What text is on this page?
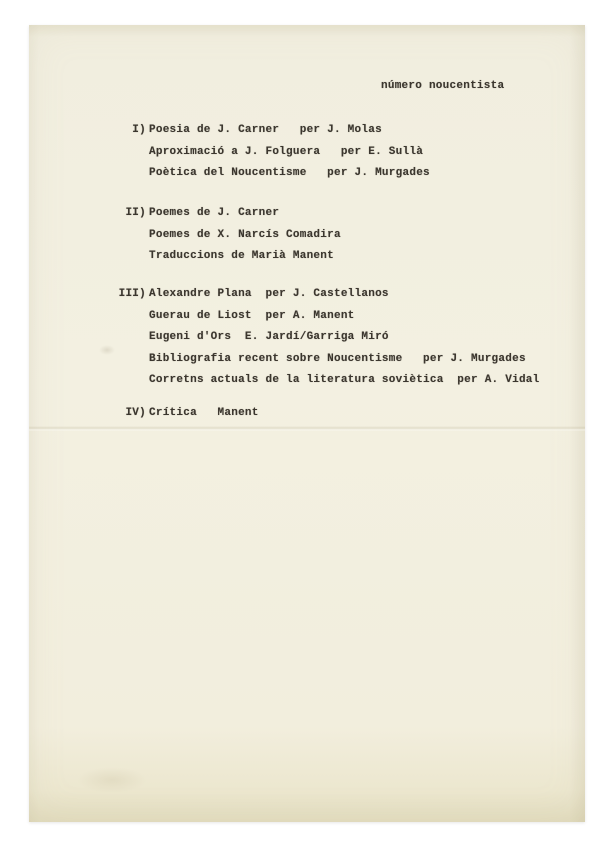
número noucentista
I) Poesia de J. Carner   per J. Molas
Aproximació a J. Folguera   per E. Sullà
Poètica del Noucentisme   per J. Murgades
II) Poemes de J. Carner
Poemes de X. Narcís Comadira
Traduccions de Marià Manent
III) Alexandre Plana  per J. Castellanos
Guerau de Liost  per A. Manent
Eugeni d'Ors  E. Jardí/Garriga Miró
Bibliografia recent sobre Noucentisme   per J. Murgades
Corretns actuals de la literatura soviètica  per A. Vidal
IV) Crítica   Manent
